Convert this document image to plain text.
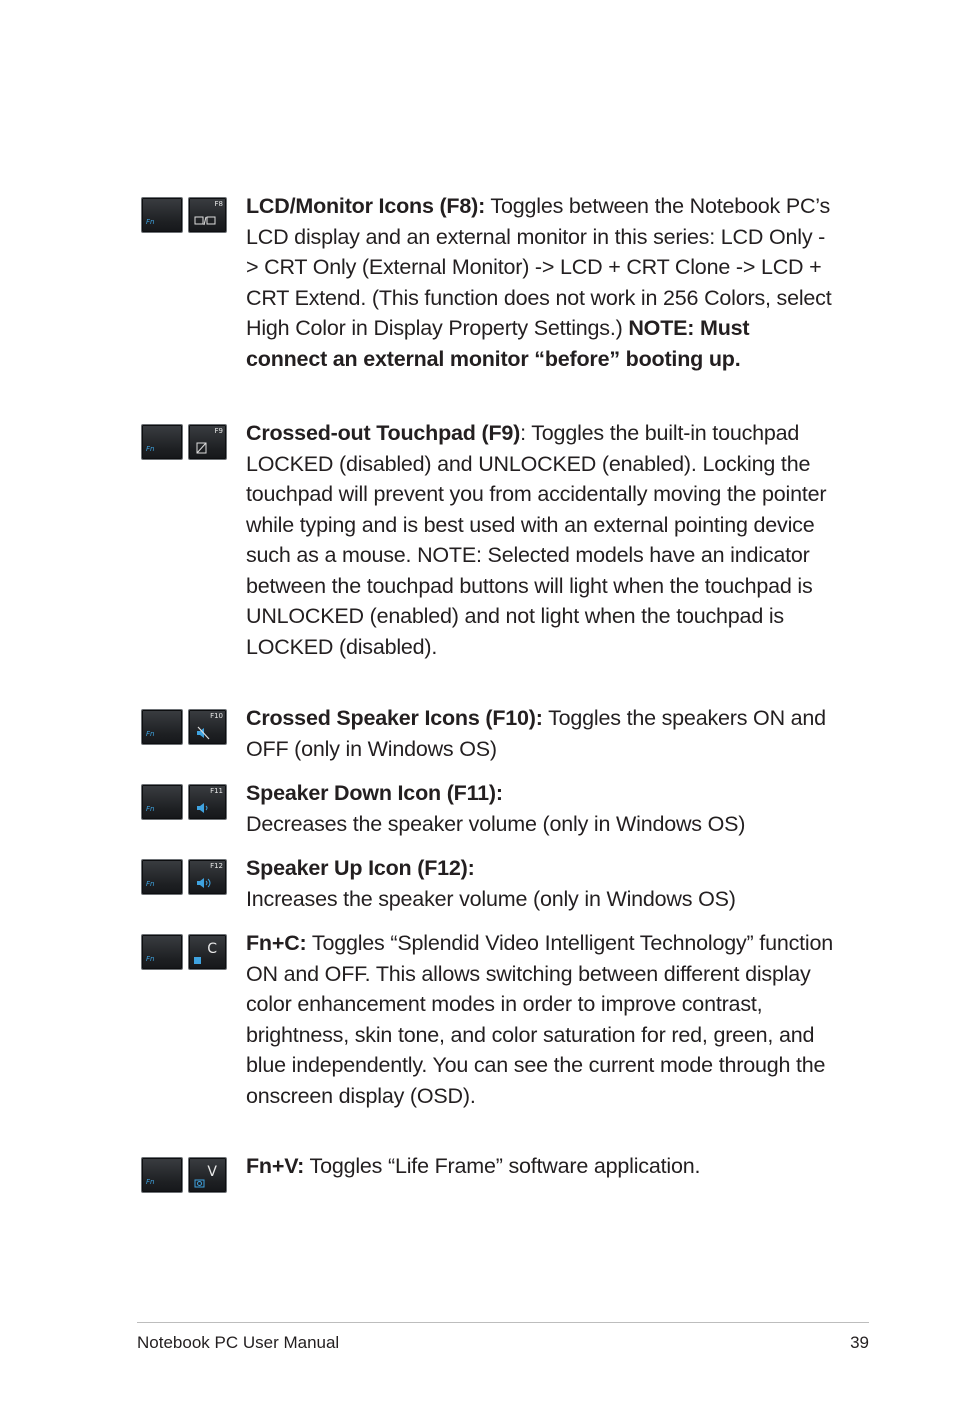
Fn
F8 LCD/Monitor Icons (F8): Toggles between the Notebook PC’s LCD display and an external monitor in this series: LCD Only -> CRT Only (External Monitor) -> LCD + CRT Clone -> LCD + CRT Extend. (This function does not work in 256 Colors, select High Color in Display Property Settings.) NOTE: Must connect an external monitor “before” booting up.
Fn
F9 Crossed-out Touchpad (F9): Toggles the built-in touchpad LOCKED (disabled) and UNLOCKED (enabled). Locking the touchpad will prevent you from accidentally moving the pointer while typing and is best used with an external pointing device such as a mouse. NOTE: Selected models have an indicator between the touchpad buttons will light when the touchpad is UNLOCKED (enabled) and not light when the touchpad is LOCKED (disabled).
Fn
F10 Crossed Speaker Icons (F10): Toggles the speakers ON and OFF (only in Windows OS)
Fn
F11 Speaker Down Icon (F11):
Decreases the speaker volume (only in Windows OS)
Fn
F12 Speaker Up Icon (F12):
Increases the speaker volume (only in Windows OS)
Fn
C Fn+C: Toggles “Splendid Video Intelligent Technology” function ON and OFF. This allows switching between different display color enhancement modes in order to improve contrast, brightness, skin tone, and color saturation for red, green, and blue independently. You can see the current mode through the onscreen display (OSD).
Fn
V Fn+V: Toggles “Life Frame” software application.
Notebook PC User Manual	39
